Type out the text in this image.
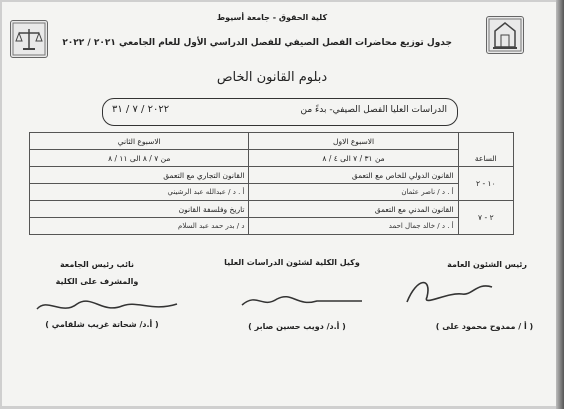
كلية الحقوق - جامعة أسيوط
جدول توزيع محاضرات الفصل الصيفي للفصل الدراسي الأول للعام الجامعي ٢٠٢١ / ٢٠٢٢
دبلوم القانون الخاص
الدراسات العليا الفصل الصيفي- بدءً من
٢٠٢٢ / ٧ / ٣١
الساعة	الاسبوع الاول	الاسبوع الثاني
	من ٣١ / ٧ الى ٤ / ٨	من ٧ / ٨ الى ١١ / ٨
١٠ - ٢	القانون الدولي للخاص مع التعمق	القانون التجاري مع التعمق
	أ . د / ناصر عثمان	أ . د / عبدالله عبد الرشيني
٢ - ٧	القانون المدني مع التعمق	تاريخ وفلسفة القانون
	أ . د / خالد جمال احمد	د / بدر حمد عبد السلام
رئيس الشئون العامة
وكيل الكلية لشئون الدراسات العليا
نائب رئيس الجامعة
والمشرف على الكلية
( أ / ممدوح محمود على )
( أ.د/ دويب حسين صابر )
( أ.د/ شحاتة غريب شلقامي )
